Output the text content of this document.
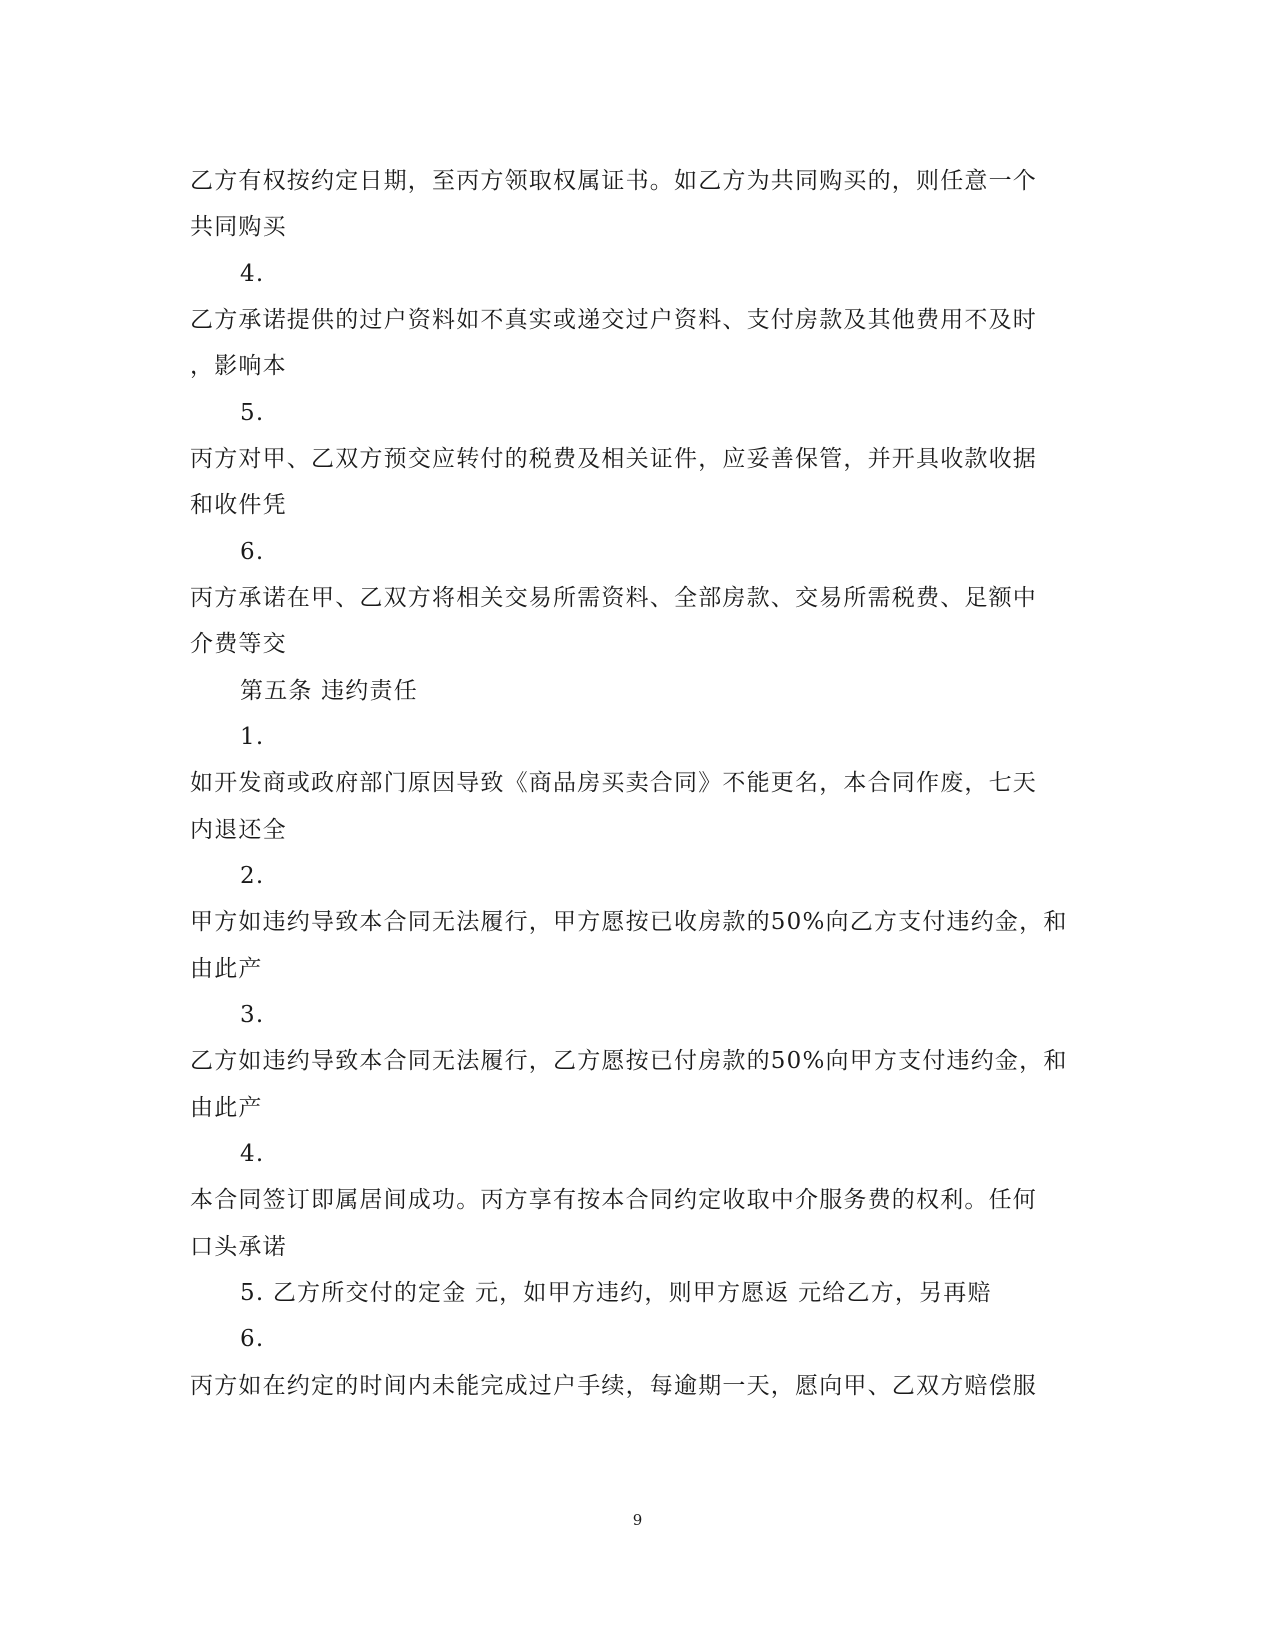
乙方有权按约定日期，至丙方领取权属证书。如乙方为共同购买的，则任意一个
共同购买
4.
乙方承诺提供的过户资料如不真实或递交过户资料、支付房款及其他费用不及时
，影响本
5.
丙方对甲、乙双方预交应转付的税费及相关证件，应妥善保管，并开具收款收据
和收件凭
6.
丙方承诺在甲、乙双方将相关交易所需资料、全部房款、交易所需税费、足额中
介费等交
第五条 违约责任
1.
如开发商或政府部门原因导致《商品房买卖合同》不能更名，本合同作废，七天
内退还全
2.
甲方如违约导致本合同无法履行，甲方愿按已收房款的50%向乙方支付违约金，和
由此产
3.
乙方如违约导致本合同无法履行，乙方愿按已付房款的50%向甲方支付违约金，和
由此产
4.
本合同签订即属居间成功。丙方享有按本合同约定收取中介服务费的权利。任何
口头承诺
5. 乙方所交付的定金 元，如甲方违约，则甲方愿返 元给乙方，另再赔
6.
丙方如在约定的时间内未能完成过户手续，每逾期一天，愿向甲、乙双方赔偿服
9
